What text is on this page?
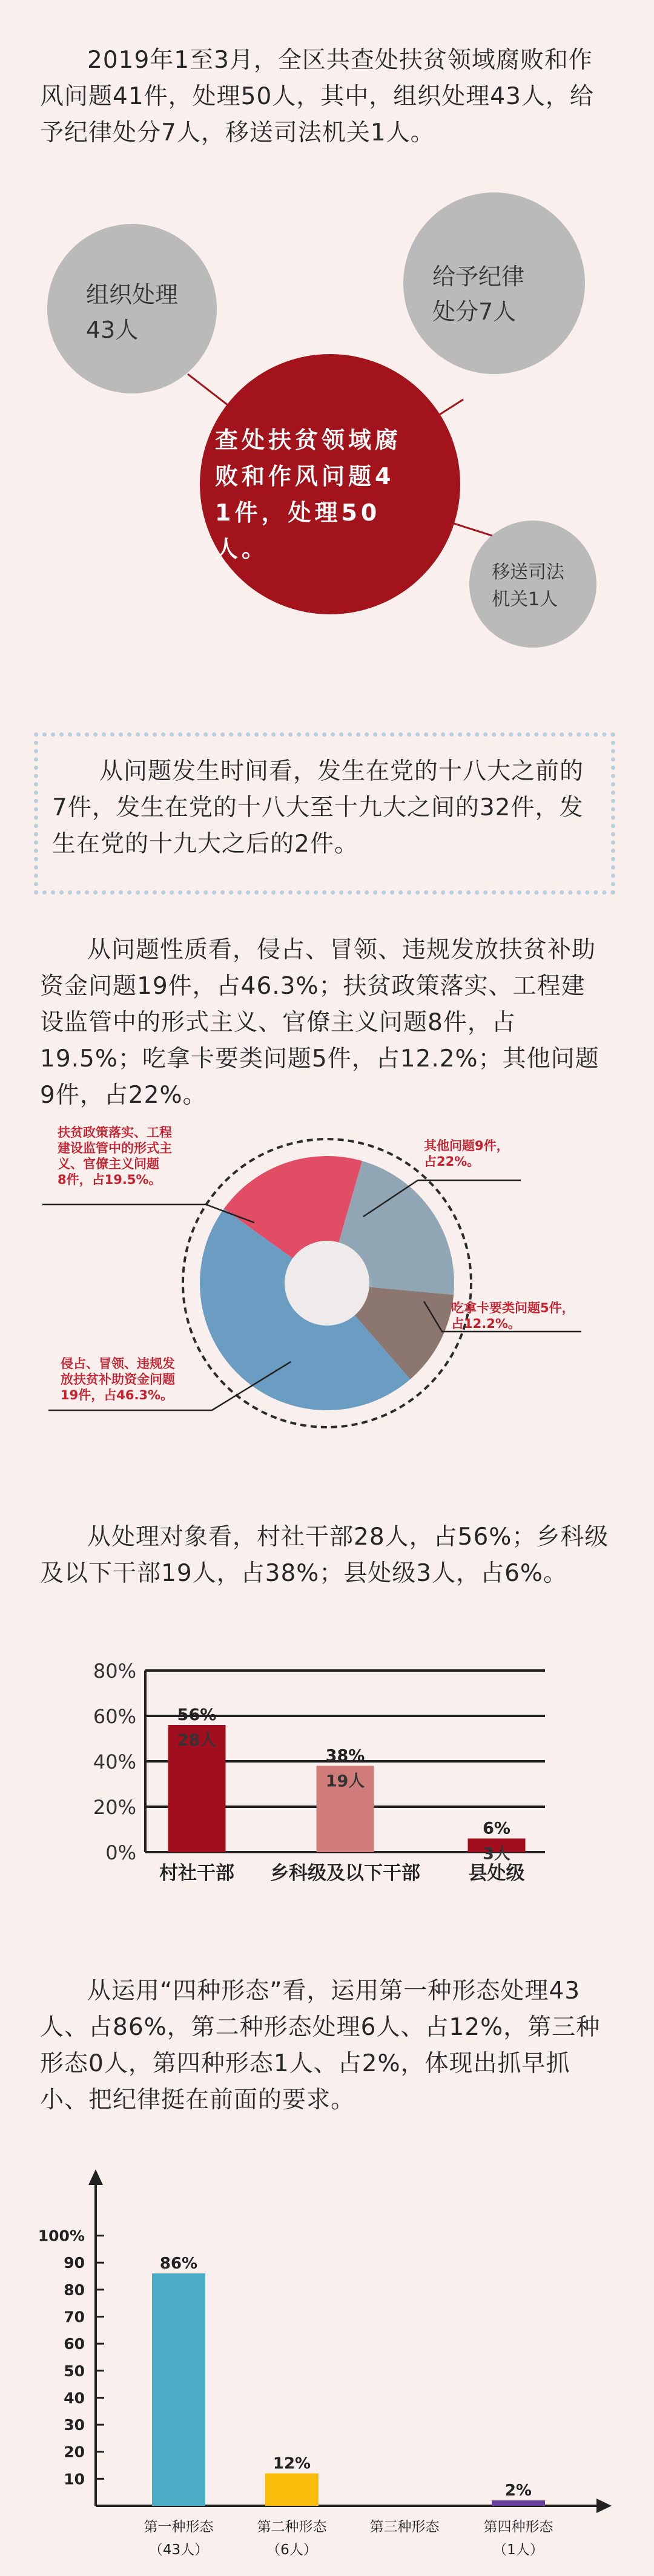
2019年1至3月，全区共查处扶贫领域腐败和作风问题41件，处理50人，其中，组织处理43人，给予纪律处分7人，移送司法机关1人。

组织处理 43人
给予纪律处分7人
移送司法机关1人
查处扶贫领域腐败和作风问题4 1件，处理50 人。

从问题发生时间看，发生在党的十八大之前的7件，发生在党的十八大至十九大之间的32件，发生在党的十九大之后的2件。

从问题性质看，侵占、冒领、违规发放扶贫补助资金问题19件，占46.3%；扶贫政策落实、工程建设监管中的形式主义、官僚主义问题8件，占19.5%；吃拿卡要类问题5件，占12.2%；其他问题9件，占22%。

其他问题9件，占22%。
吃拿卡要类问题5件，占12.2%。
侵占、冒领、违规发放扶贫补助资金问题 19件，占46.3%。
扶贫政策落实、工程建设监管中的形式主义、官僚主义问题 8件，占19.5%。

从处理对象看，村社干部28人，占56%；乡科级及以下干部19人，占38%；县处级3人，占6%。

0%
20%
40%
60%
80%
56%
28人
村社干部
38%
19人
乡科级及以下干部
6%
3人
县处级

从运用“四种形态”看，运用第一种形态处理43人、占86%，第二种形态处理6人、占12%，第三种形态0人，第四种形态1人、占2%，体现出抓早抓小、把纪律挺在前面的要求。

10
20
30
40
50
60
70
80
90
100%
86%
第一种形态
（43人）
12%
第二种形态
（6人）
第三种形态
2%
第四种形态
（1人）
